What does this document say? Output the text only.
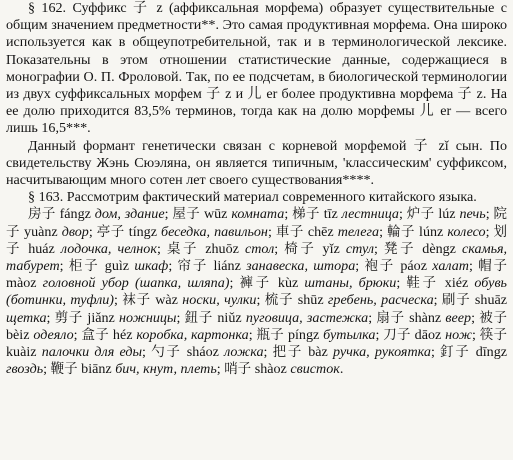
§ 162. Суффикс 子 z (аффиксальная морфема) образует существительные с общим значением предметности**. Это самая продуктивная морфема. Она широко используется как в общеупотребительной, так и в терминологической лексике. Показательны в этом отношении статистические данные, содержащиеся в монографии О. П. Фроловой. Так, по ее подсчетам, в биологической терминологии из двух суффиксальных морфем 子 z и 儿 er более продуктивна морфема 子 z. На ее долю приходится 83,5% терминов, тогда как на долю морфемы 儿 er — всего лишь 16,5***.

Данный формант генетически связан с корневой морфемой 子 zǐ сын. По свидетельству Жэнь Сюэляна, он является типичным, 'классическим' суффиксом, насчитывающим много сотен лет своего существования****.

§ 163. Рассмотрим фактический материал современного китайского языка.

房子 fángz дом, здание; 屋子 wūz комната; 梯子 tīz лестница; 炉子 lúz печь; 院子 yuànz двор; 亭子 tíngz беседка, павильон; 車子 chēz телега; 輪子 lúnz колесо; 划子 huáz лодочка, челнок; 桌子 zhuōz стол; 椅子 yǐz стул; 凳子 dèngz скамья, табурет; 柜子 guìz шкаф; 帘子 liánz занавеска, штора; 袍子 páoz халат; 帽子 màoz головной убор (шапка, шляпа); 褲子 kùz штаны, брюки; 鞋子 xiéz обувь (ботинки, туфли); 袜子 wàz носки, чулки; 梳子 shūz гребень, расческа; 刷子 shuāz щетка; 剪子 jiǎnz ножницы; 鈕子 niǔz пуговица, застежка; 扇子 shànz веер; 被子 bèiz одеяло; 盒子 héz коробка, картонка; 瓶子 píngz бутылка; 刀子 dāoz нож; 筷子 kuàiz палочки для еды; 勺子 sháoz ложка; 把子 bàz ручка, рукоятка; 釘子 dīngz гвоздь; 鞭子 biānz бич, кнут, плеть; 哨子 shàoz свисток.
